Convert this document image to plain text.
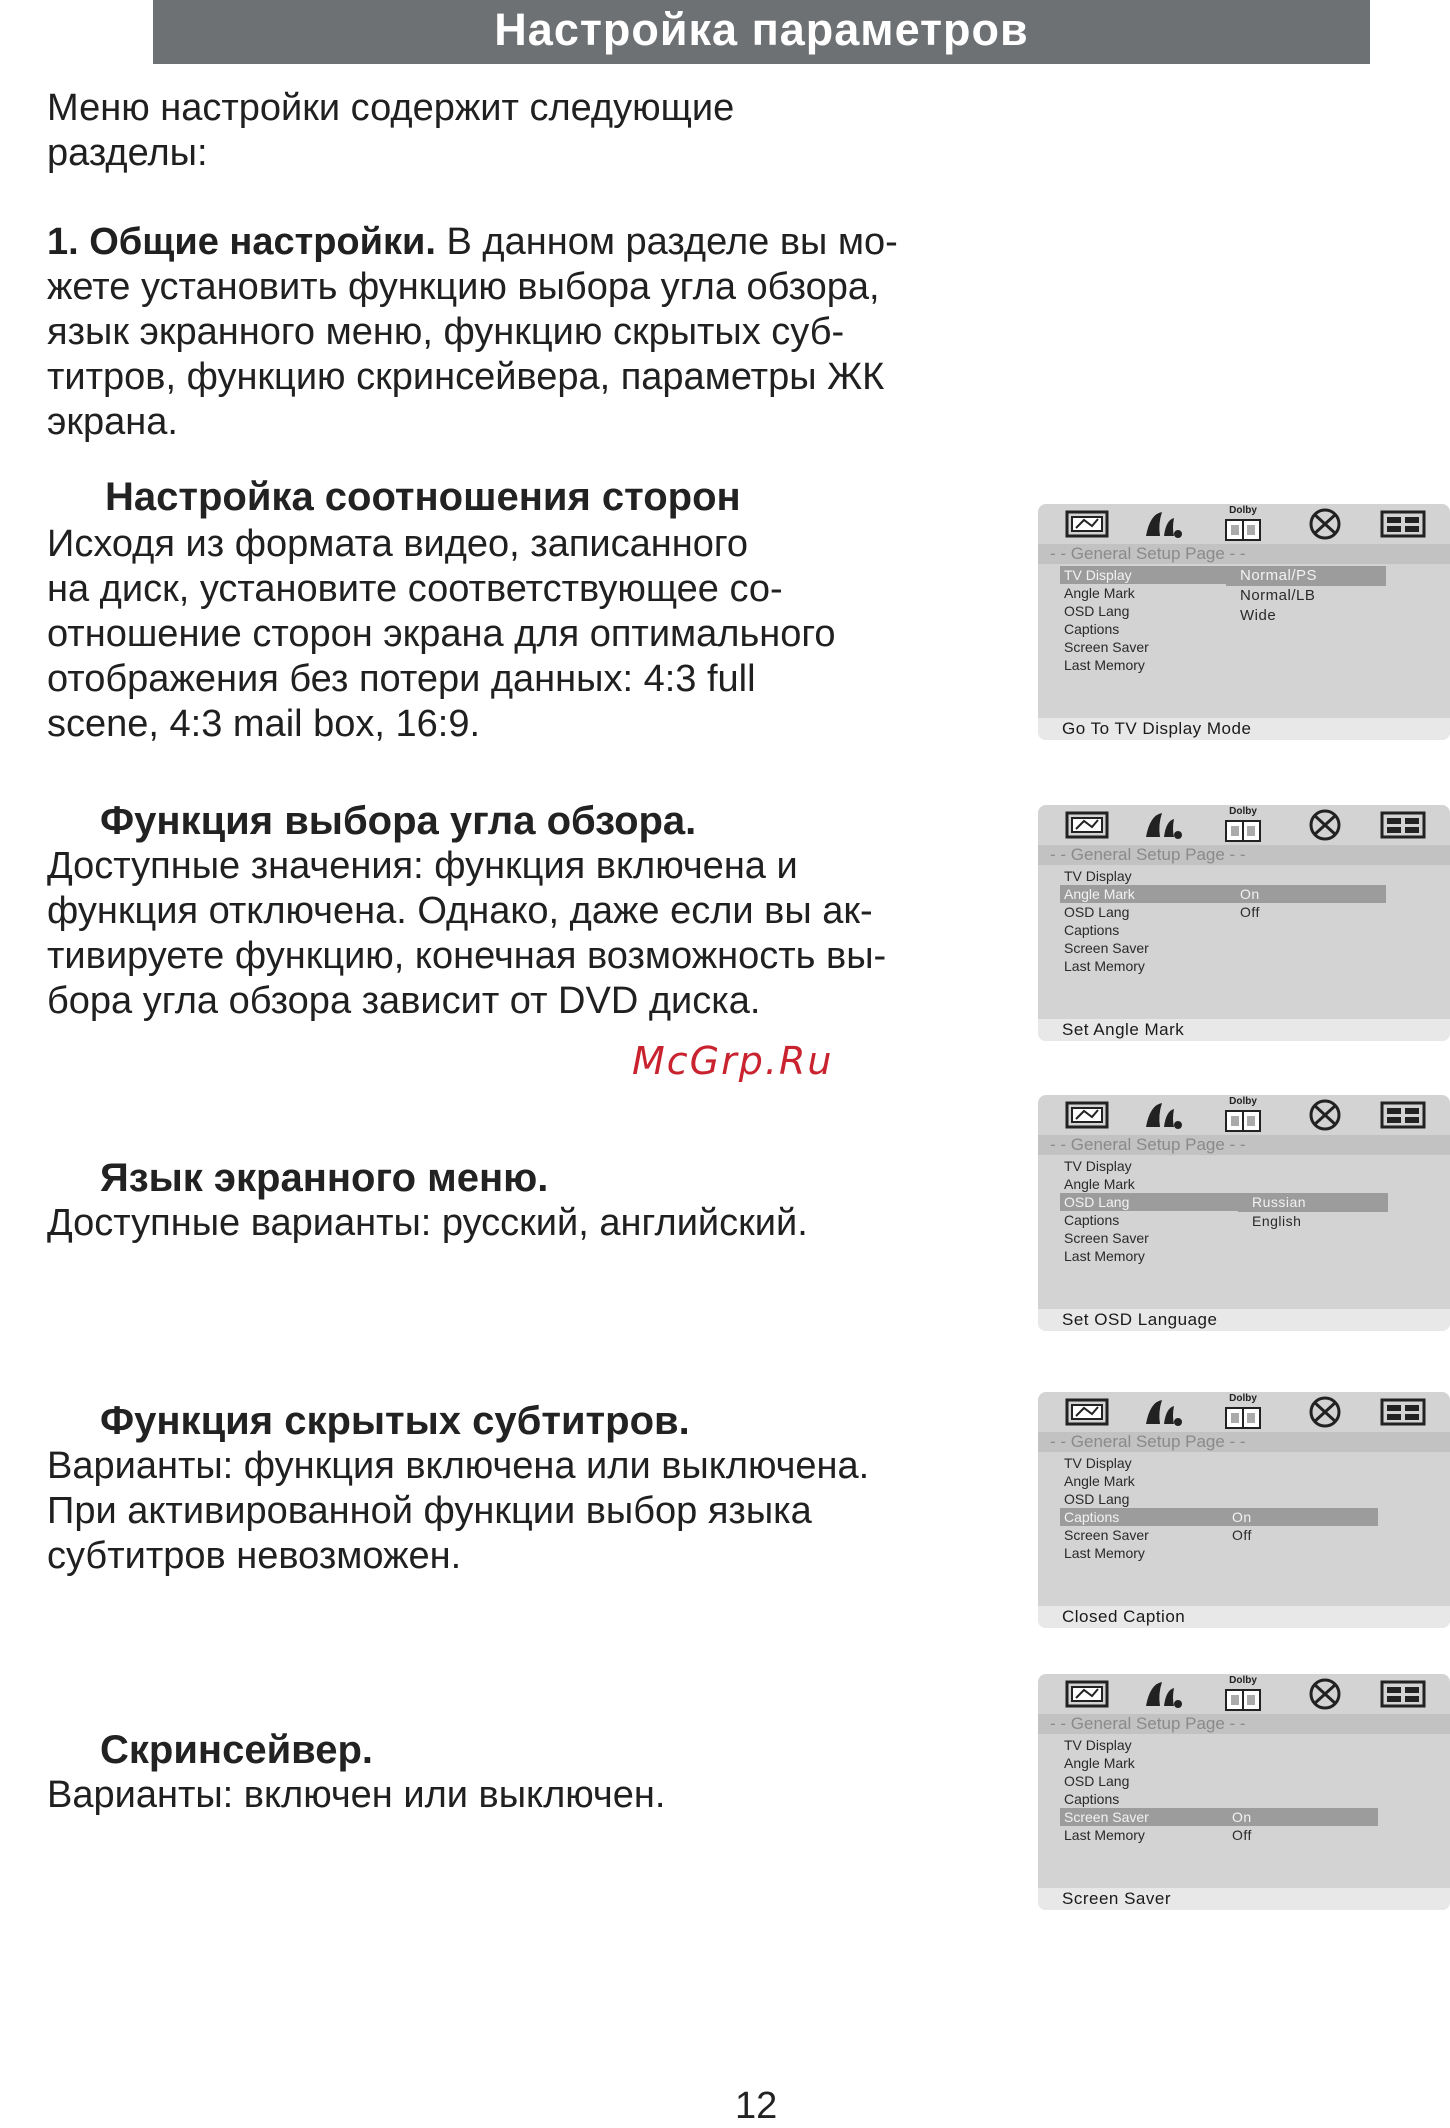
Настройка параметров

Меню настройки содержит следующие
разделы:

1. Общие настройки. В данном разделе вы мо-
жете установить функцию выбора угла обзора,
язык экранного меню, функцию скрытых суб-
титров, функцию скринсейвера, параметры ЖК
экрана.

Настройка соотношения сторон

Исходя из формата видео, записанного
на диск, установите соответствующее со-
отношение сторон экрана для оптимального
отображения без потери данных: 4:3 full
scene, 4:3 mail box, 16:9.

Функция выбора угла обзора.

Доступные значения: функция включена и
функция отключена. Однако, даже если вы ак-
тивируете функцию, конечная возможность вы-
бора угла обзора зависит от DVD диска.

McGrp.Ru
Язык экранного меню.

Доступные варианты: русский, английский.

Функция скрытых субтитров.

Варианты: функция включена или выключена.
При активированной функции выбор языка
субтитров невозможен.

Скринсейвер.

Варианты: включен или выключен.

Dolby
- - General Setup Page - -
TV Display
Angle Mark
OSD Lang
Captions
Screen Saver
Last Memory
Normal/PS
Normal/LB
Wide
Go To TV Display Mode
Dolby
- - General Setup Page - -
TV Display
Angle Mark
OSD Lang
Captions
Screen Saver
Last Memory
On
Off
Set Angle Mark
Dolby
- - General Setup Page - -
TV Display
Angle Mark
OSD Lang
Captions
Screen Saver
Last Memory
Russian
English
Set OSD Language
Dolby
- - General Setup Page - -
TV Display
Angle Mark
OSD Lang
Captions
Screen Saver
Last Memory
On
Off
Closed Caption
Dolby
- - General Setup Page - -
TV Display
Angle Mark
OSD Lang
Captions
Screen Saver
Last Memory
On
Off
Screen Saver
12
